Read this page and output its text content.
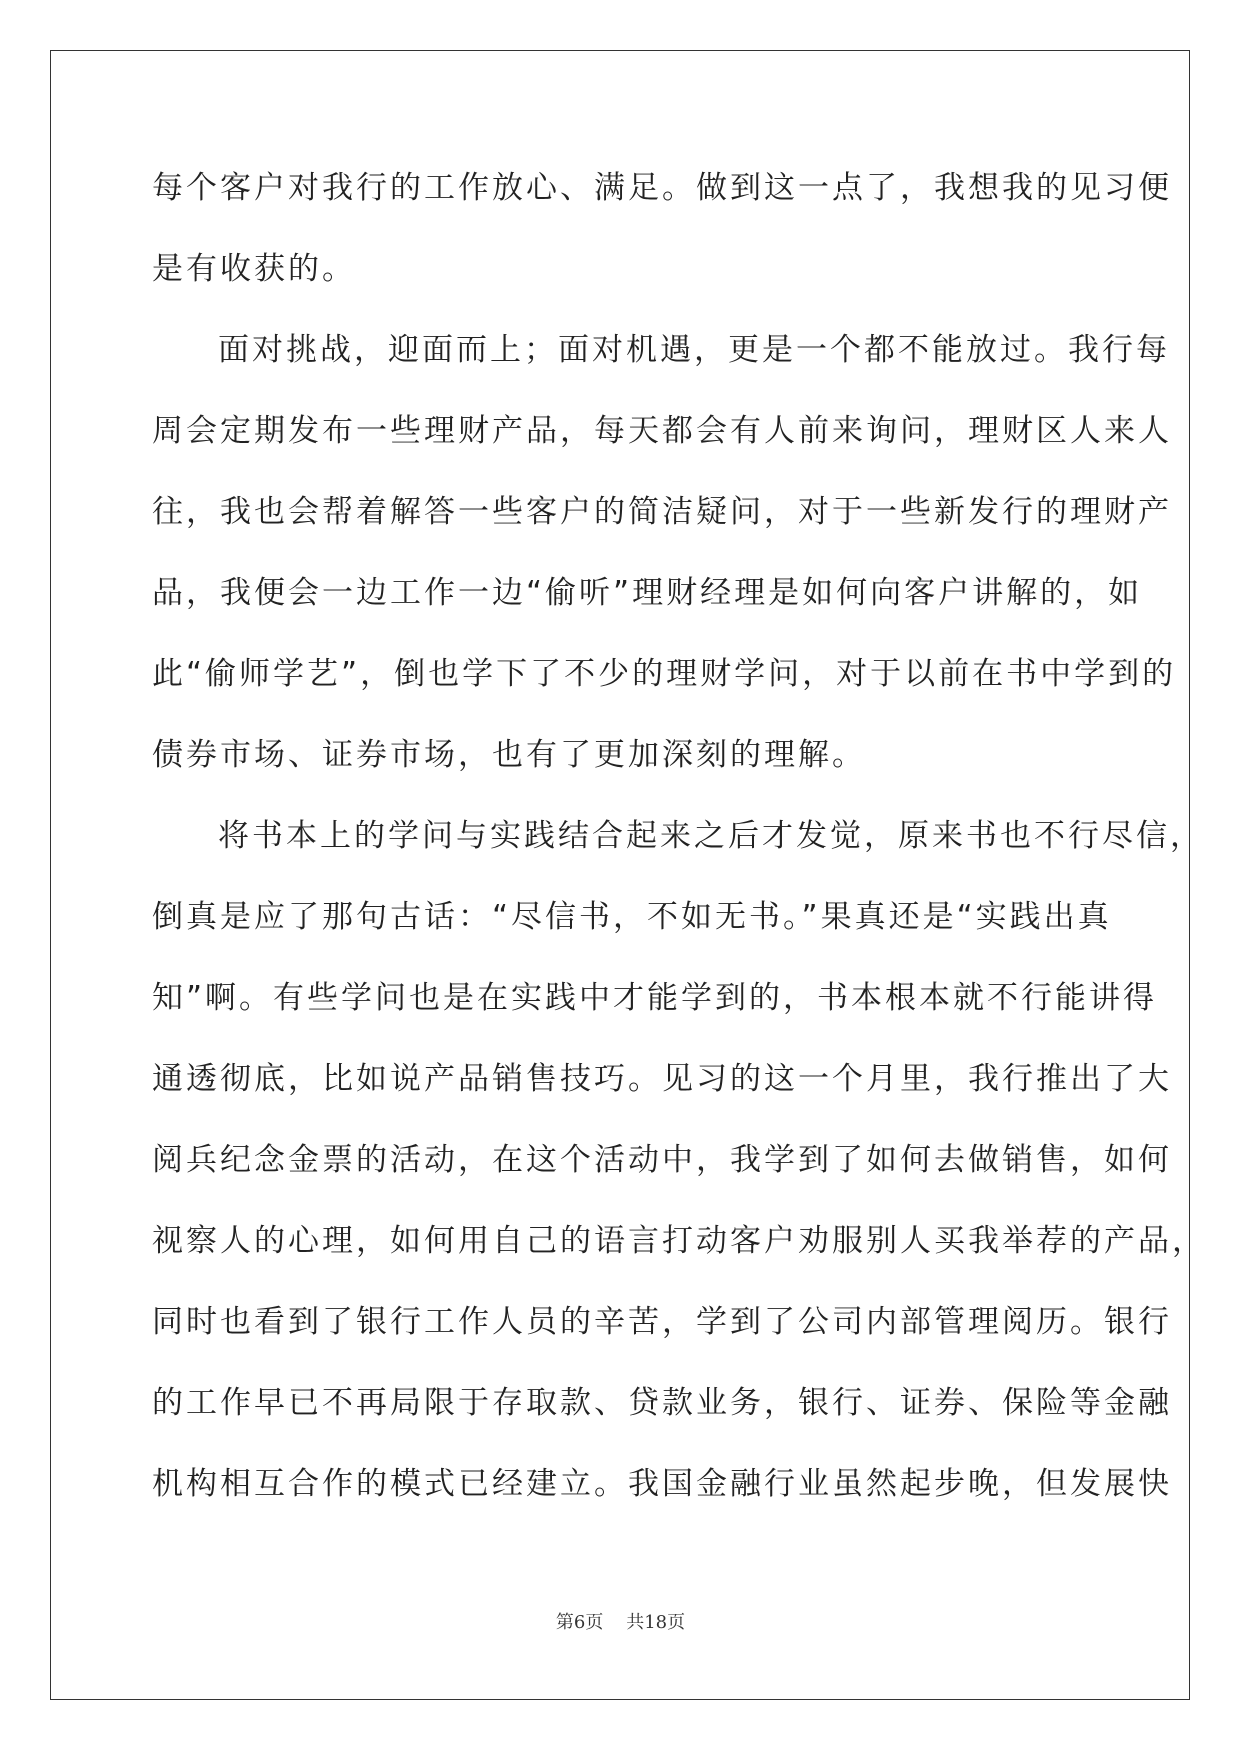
每个客户对我行的工作放心、满足。做到这一点了，我想我的见习便
是有收获的。
面对挑战，迎面而上；面对机遇，更是一个都不能放过。我行每
周会定期发布一些理财产品，每天都会有人前来询问，理财区人来人
往，我也会帮着解答一些客户的简洁疑问，对于一些新发行的理财产
品，我便会一边工作一边“偷听”理财经理是如何向客户讲解的，如
此“偷师学艺”，倒也学下了不少的理财学问，对于以前在书中学到的
债券市场、证券市场，也有了更加深刻的理解。
将书本上的学问与实践结合起来之后才发觉，原来书也不行尽信，
倒真是应了那句古话：“尽信书，不如无书。”果真还是“实践出真
知”啊。有些学问也是在实践中才能学到的，书本根本就不行能讲得
通透彻底，比如说产品销售技巧。见习的这一个月里，我行推出了大
阅兵纪念金票的活动，在这个活动中，我学到了如何去做销售，如何
视察人的心理，如何用自己的语言打动客户劝服别人买我举荐的产品，
同时也看到了银行工作人员的辛苦，学到了公司内部管理阅历。银行
的工作早已不再局限于存取款、贷款业务，银行、证券、保险等金融
机构相互合作的模式已经建立。我国金融行业虽然起步晚，但发展快
第6页 共18页
